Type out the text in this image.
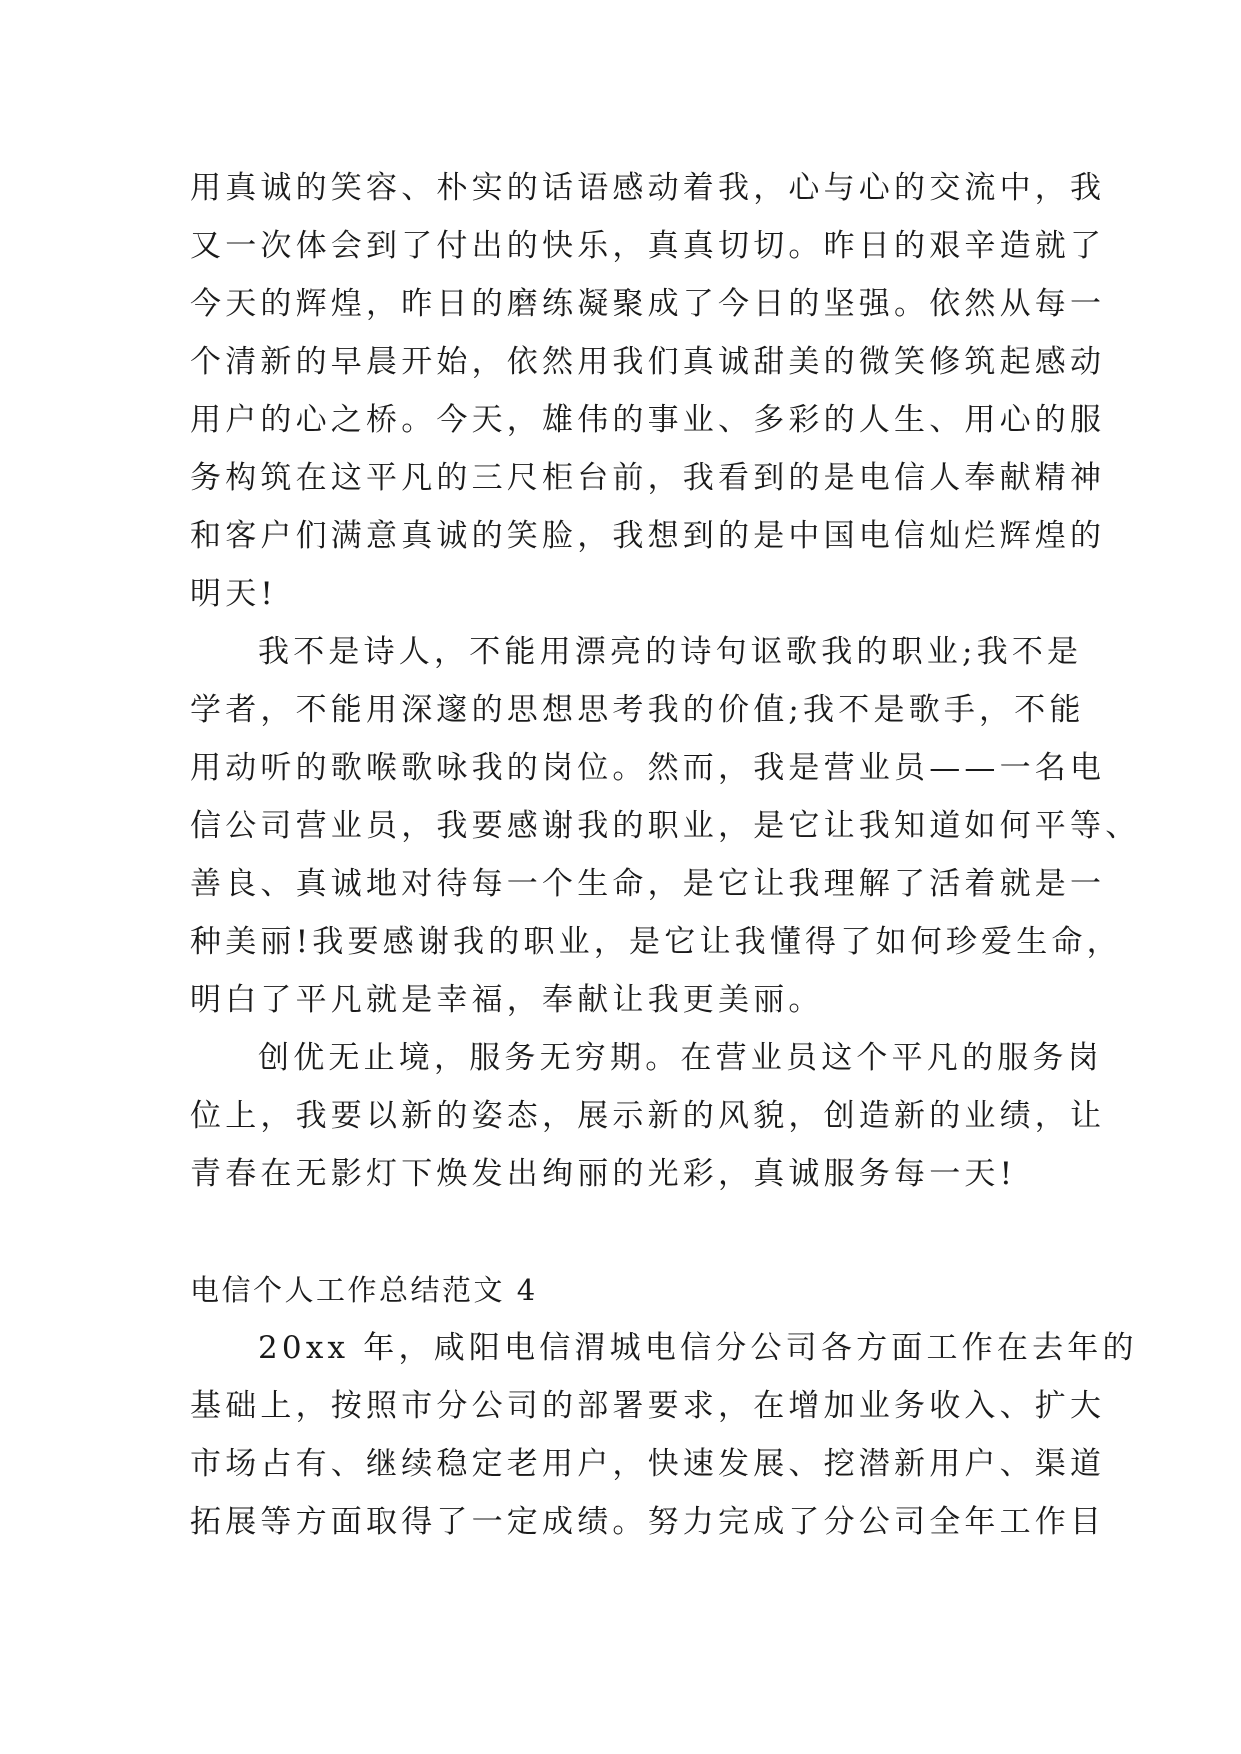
用真诚的笑容、朴实的话语感动着我，心与心的交流中，我
又一次体会到了付出的快乐，真真切切。昨日的艰辛造就了
今天的辉煌，昨日的磨练凝聚成了今日的坚强。依然从每一
个清新的早晨开始，依然用我们真诚甜美的微笑修筑起感动
用户的心之桥。今天，雄伟的事业、多彩的人生、用心的服
务构筑在这平凡的三尺柜台前，我看到的是电信人奉献精神
和客户们满意真诚的笑脸，我想到的是中国电信灿烂辉煌的
明天!
我不是诗人，不能用漂亮的诗句讴歌我的职业;我不是
学者，不能用深邃的思想思考我的价值;我不是歌手，不能
用动听的歌喉歌咏我的岗位。然而，我是营业员——一名电
信公司营业员，我要感谢我的职业，是它让我知道如何平等、
善良、真诚地对待每一个生命，是它让我理解了活着就是一
种美丽!我要感谢我的职业，是它让我懂得了如何珍爱生命，
明白了平凡就是幸福，奉献让我更美丽。
创优无止境，服务无穷期。在营业员这个平凡的服务岗
位上，我要以新的姿态，展示新的风貌，创造新的业绩，让
青春在无影灯下焕发出绚丽的光彩，真诚服务每一天!
电信个人工作总结范文 4
20xx 年，咸阳电信渭城电信分公司各方面工作在去年的
基础上，按照市分公司的部署要求，在增加业务收入、扩大
市场占有、继续稳定老用户，快速发展、挖潜新用户、渠道
拓展等方面取得了一定成绩。努力完成了分公司全年工作目
